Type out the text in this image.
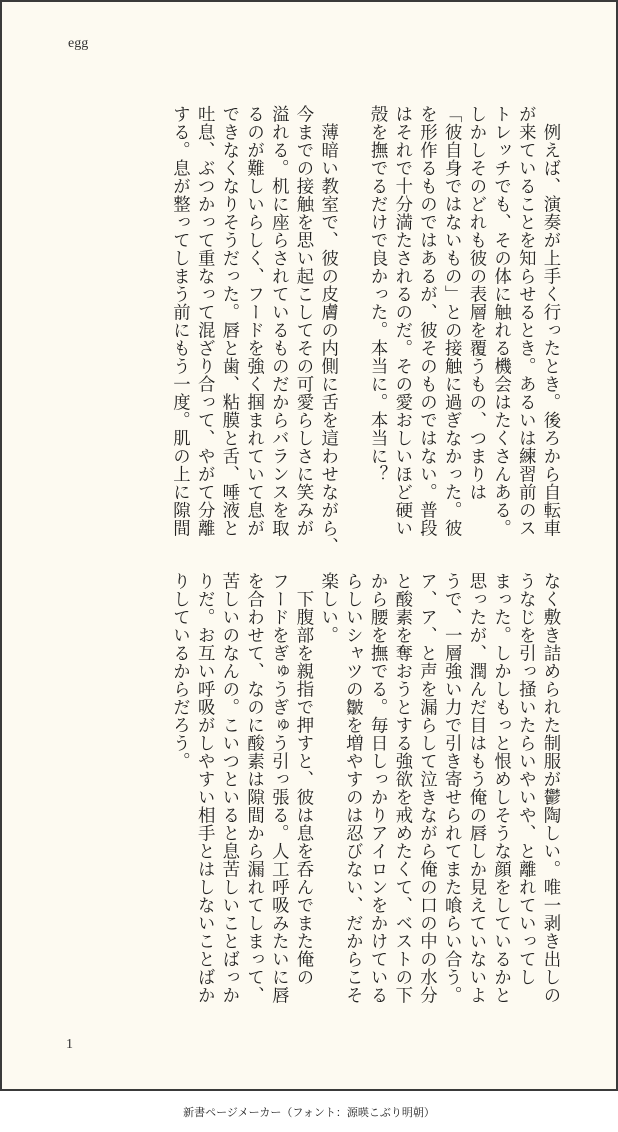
egg
　例えば、演奏が上手く行ったとき。後ろから自転車
が来ていることを知らせるとき。あるいは練習前のス
トレッチでも、その体に触れる機会はたくさんある。
しかしそのどれも彼の表層を覆うもの、つまりは
「彼自身ではないもの」との接触に過ぎなかった。彼
を形作るものではあるが、彼そのものではない。普段
はそれで十分満たされるのだ。その愛おしいほど硬い
殻を撫でるだけで良かった。本当に。本当に？

　薄暗い教室で、彼の皮膚の内側に舌を這わせながら、
今までの接触を思い起こしてその可愛らしさに笑みが
溢れる。机に座らされているものだからバランスを取
るのが難しいらしく、フードを強く掴まれていて息が
できなくなりそうだった。唇と歯、粘膜と舌、唾液と
吐息、ぶつかって重なって混ざり合って、やがて分離
する。息が整ってしまう前にもう一度。肌の上に隙間
なく敷き詰められた制服が鬱陶しい。唯一剥き出しの
うなじを引っ掻いたらいやいや、と離れていってし
まった。しかしもっと恨めしそうな顔をしているかと
思ったが、潤んだ目はもう俺の唇しか見えていないよ
うで、一層強い力で引き寄せられてまた喰らい合う。
ア、ア、と声を漏らして泣きながら俺の口の中の水分
と酸素を奪おうとする強欲を戒めたくて、ベストの下
から腰を撫でる。毎日しっかりアイロンをかけている
らしいシャツの皺を増やすのは忍びない、だからこそ
楽しい。
　下腹部を親指で押すと、彼は息を呑んでまた俺の
フードをぎゅうぎゅう引っ張る。人工呼吸みたいに唇
を合わせて、なのに酸素は隙間から漏れてしまって、
苦しいのなんの。こいつといると息苦しいことばっか
りだ。お互い呼吸がしやすい相手とはしないことばか
りしているからだろう。
1
新書ページメーカー（フォント：源暎こぶり明朝）
